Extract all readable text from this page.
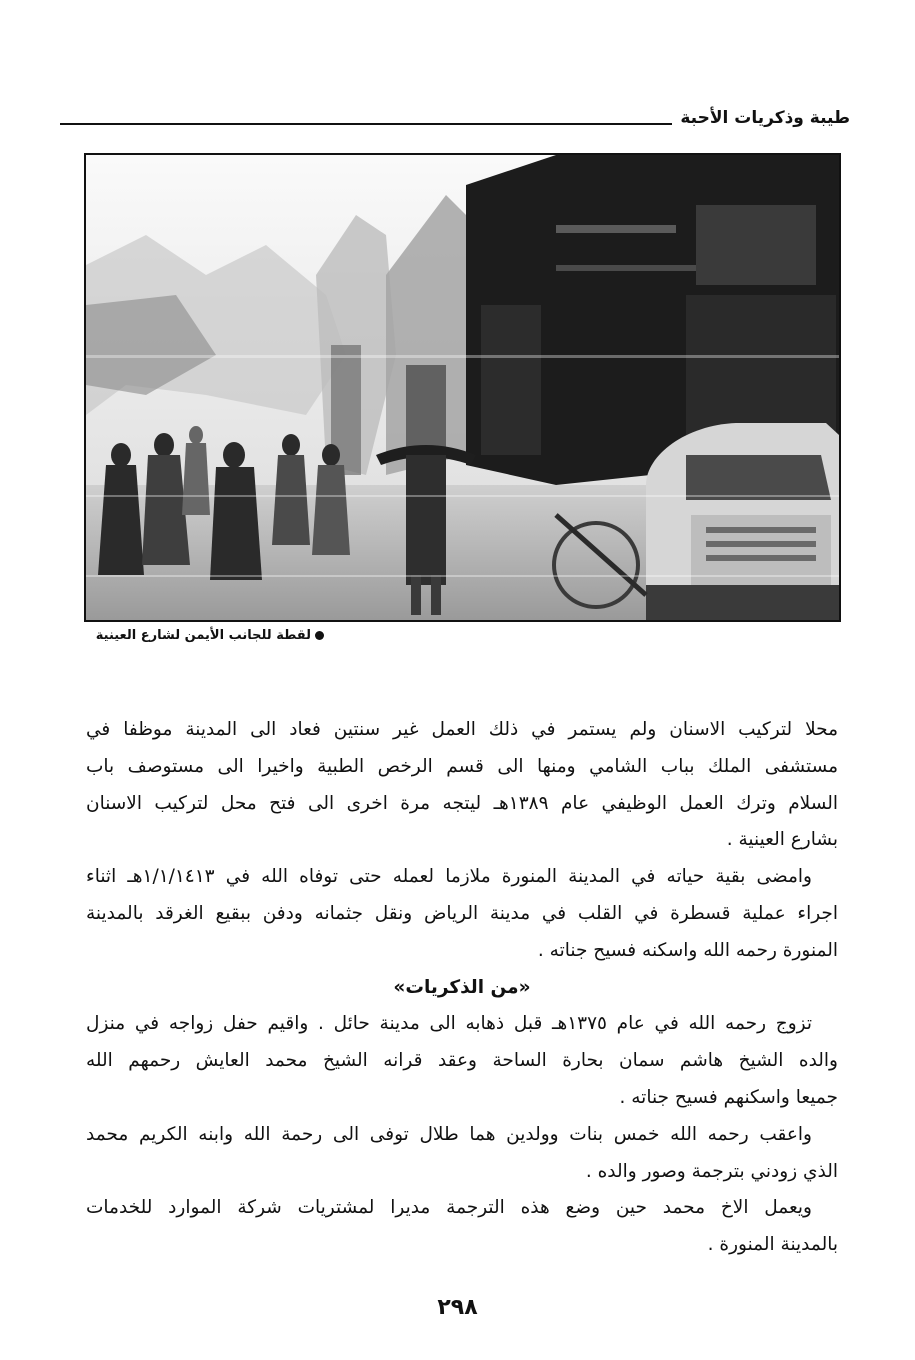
طيبة وذكريات الأحبة
لقطة للجانب الأيمن لشارع العينية
محلا لتركيب الاسنان ولم يستمر في ذلك العمل غير سنتين فعاد الى المدينة موظفا في
مستشفى الملك بباب الشامي ومنها الى قسم الرخص الطبية واخيرا الى مستوصف باب
السلام وترك العمل الوظيفي عام ١٣٨٩هـ ليتجه مرة اخرى الى فتح محل لتركيب الاسنان
بشارع العينية .
وامضى بقية حياته في المدينة المنورة ملازما لعمله حتى توفاه الله في ١/١/١٤١٣هـ اثناء
اجراء عملية قسطرة في القلب في مدينة الرياض ونقل جثمانه ودفن ببقيع الغرقد بالمدينة
المنورة رحمه الله واسكنه فسيح جناته .
«من الذكريات»
تزوج رحمه الله في عام ١٣٧٥هـ قبل ذهابه الى مدينة حائل . واقيم حفل زواجه في منزل
والده الشيخ هاشم سمان بحارة الساحة وعقد قرانه الشيخ محمد العايش رحمهم الله
جميعا واسكنهم فسيح جناته .
واعقب رحمه الله خمس بنات وولدين هما طلال توفى الى رحمة الله وابنه الكريم محمد
الذي زودني بترجمة وصور والده .
ويعمل الاخ محمد حين وضع هذه الترجمة مديرا لمشتريات شركة الموارد للخدمات
بالمدينة المنورة .
٢٩٨
